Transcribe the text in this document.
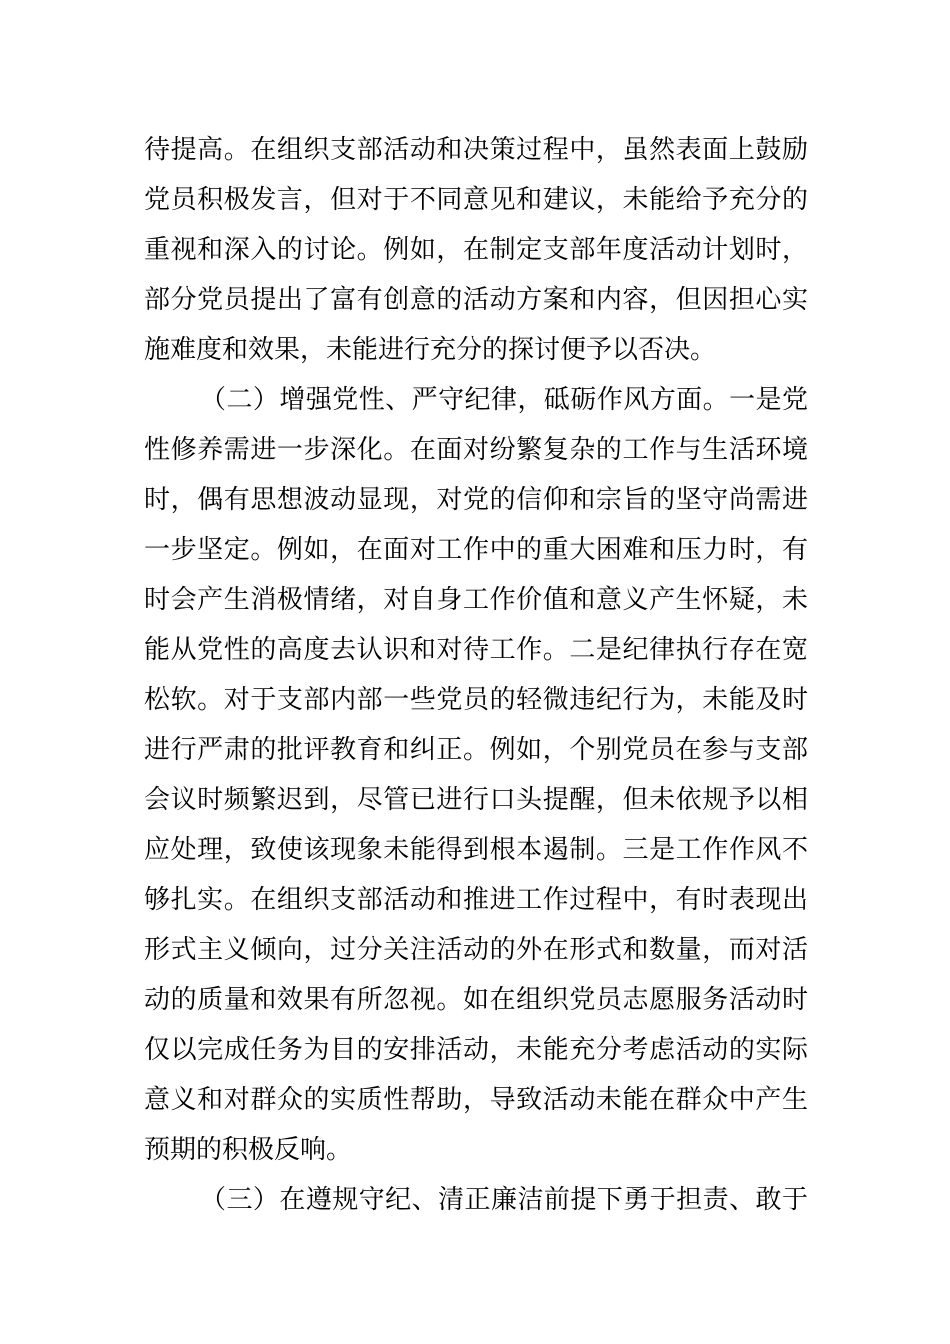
待提高。在组织支部活动和决策过程中，虽然表面上鼓励
党员积极发言，但对于不同意见和建议，未能给予充分的
重视和深入的讨论。例如，在制定支部年度活动计划时，
部分党员提出了富有创意的活动方案和内容，但因担心实
施难度和效果，未能进行充分的探讨便予以否决。
（二）增强党性、严守纪律，砥砺作风方面。一是党
性修养需进一步深化。在面对纷繁复杂的工作与生活环境
时，偶有思想波动显现，对党的信仰和宗旨的坚守尚需进
一步坚定。例如，在面对工作中的重大困难和压力时，有
时会产生消极情绪，对自身工作价值和意义产生怀疑，未
能从党性的高度去认识和对待工作。二是纪律执行存在宽
松软。对于支部内部一些党员的轻微违纪行为，未能及时
进行严肃的批评教育和纠正。例如，个别党员在参与支部
会议时频繁迟到，尽管已进行口头提醒，但未依规予以相
应处理，致使该现象未能得到根本遏制。三是工作作风不
够扎实。在组织支部活动和推进工作过程中，有时表现出
形式主义倾向，过分关注活动的外在形式和数量，而对活
动的质量和效果有所忽视。如在组织党员志愿服务活动时
仅以完成任务为目的安排活动，未能充分考虑活动的实际
意义和对群众的实质性帮助，导致活动未能在群众中产生
预期的积极反响。
（三）在遵规守纪、清正廉洁前提下勇于担责、敢于
